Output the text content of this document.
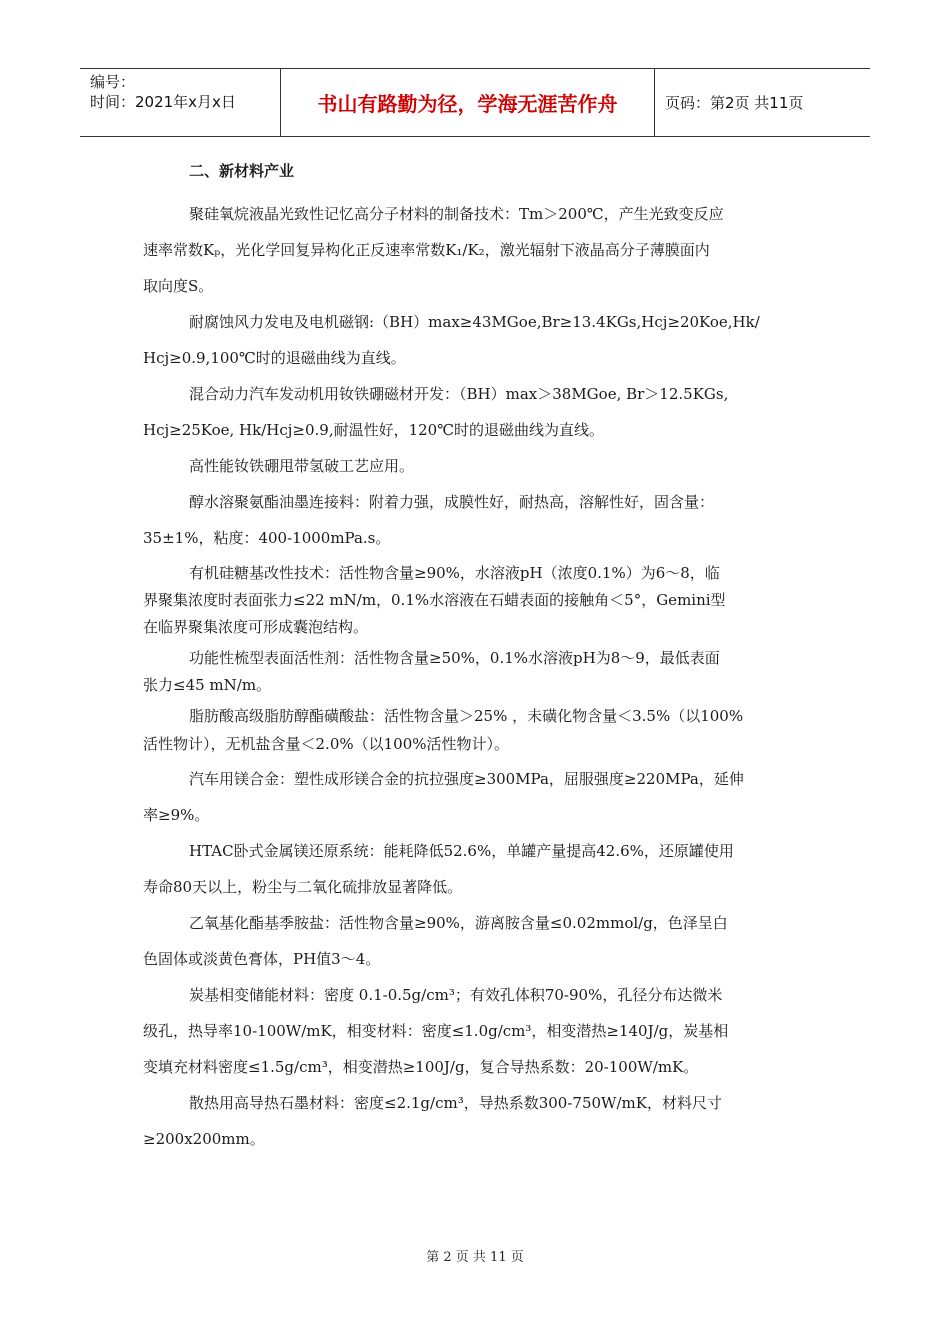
编号：
时间：2021年x月x日	书山有路勤为径，学海无涯苦作舟	页码：第2页 共11页
二、新材料产业
聚硅氧烷液晶光致性记忆高分子材料的制备技术：Tm＞200℃，产生光致变反应
速率常数Kₚ，光化学回复异构化正反速率常数K₁/K₂，激光辐射下液晶高分子薄膜面内
取向度S。
耐腐蚀风力发电及电机磁钢:（BH）max≥43MGoe,Br≥13.4KGs,Hcj≥20Koe,Hk/
Hcj≥0.9,100℃时的退磁曲线为直线。
混合动力汽车发动机用钕铁硼磁材开发：（BH）max＞38MGoe, Br＞12.5KGs,
Hcj≥25Koe, Hk/Hcj≥0.9,耐温性好，120℃时的退磁曲线为直线。
高性能钕铁硼甩带氢破工艺应用。
醇水溶聚氨酯油墨连接料：附着力强，成膜性好，耐热高，溶解性好，固含量：
35±1%，粘度：400-1000mPa.s。
有机硅糖基改性技术：活性物含量≥90%，水溶液pH（浓度0.1%）为6～8，临
界聚集浓度时表面张力≤22 mN/m，0.1%水溶液在石蜡表面的接触角＜5°，Gemini型
在临界聚集浓度可形成囊泡结构。
功能性梳型表面活性剂：活性物含量≥50%，0.1%水溶液pH为8～9，最低表面
张力≤45 mN/m。
脂肪酸高级脂肪醇酯磺酸盐：活性物含量＞25% ，未磺化物含量＜3.5%（以100%
活性物计），无机盐含量＜2.0%（以100%活性物计）。
汽车用镁合金：塑性成形镁合金的抗拉强度≥300MPa，屈服强度≥220MPa，延伸
率≥9%。
HTAC卧式金属镁还原系统：能耗降低52.6%，单罐产量提高42.6%，还原罐使用
寿命80天以上，粉尘与二氧化硫排放显著降低。
乙氧基化酯基季胺盐：活性物含量≥90%，游离胺含量≤0.02mmol/g，色泽呈白
色固体或淡黄色膏体，PH值3～4。
炭基相变储能材料：密度 0.1-0.5g/cm³；有效孔体积70-90%，孔径分布达微米
级孔，热导率10-100W/mK，相变材料：密度≤1.0g/cm³，相变潜热≥140J/g，炭基相
变填充材料密度≤1.5g/cm³，相变潜热≥100J/g，复合导热系数：20-100W/mK。
散热用高导热石墨材料：密度≤2.1g/cm³，导热系数300-750W/mK，材料尺寸
≥200x200mm。
第 2 页 共 11 页
